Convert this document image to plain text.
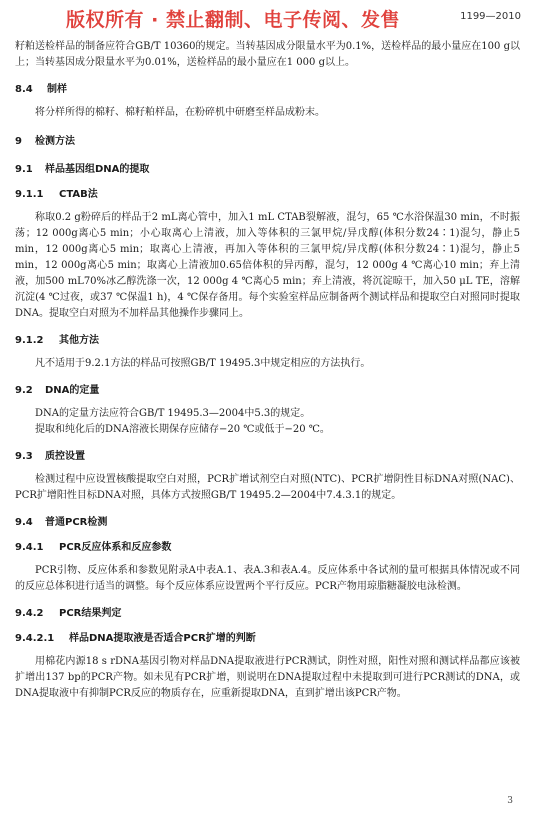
版权所有 · 禁止翻制、电子传阅、发售	1199—2010

籽粕送检样品的制备应符合GB/T 10360的规定。当转基因成分限量水平为0.1%，送检样品的最小量应在100 g以上；当转基因成分限量水平为0.01%，送检样品的最小量应在1 000 g以上。

8.4 制样

将分样所得的棉籽、棉籽粕样品，在粉碎机中研磨至样品成粉末。

9 检测方法
9.1 样品基因组DNA的提取
9.1.1 CTAB法

称取0.2 g粉碎后的样品于2 mL离心管中，加入1 mL CTAB裂解液，混匀，65 ℃水浴保温30 min，不时振荡；12 000g离心5 min；小心取离心上清液，加入等体积的三氯甲烷/异戊醇(体积分数24∶1)混匀，静止5 min，12 000g离心5 min；取离心上清液，再加入等体积的三氯甲烷/异戊醇(体积分数24∶1)混匀，静止5 min，12 000g离心5 min；取离心上清液加0.65倍体积的异丙醇，混匀，12 000g 4 ℃离心10 min；弃上清液，加500 mL70%冰乙醇洗涤一次，12 000g 4 ℃离心5 min；弃上清液，将沉淀晾干，加入50 μL TE，溶解沉淀(4 ℃过夜，或37 ℃保温1 h)，4 ℃保存备用。每个实验室样品应制备两个测试样品和提取空白对照同时提取DNA。提取空白对照为不加样品其他操作步骤同上。

9.1.2 其他方法

凡不适用于9.2.1方法的样品可按照GB/T 19495.3中规定相应的方法执行。

9.2 DNA的定量

DNA的定量方法应符合GB/T 19495.3—2004中5.3的规定。

提取和纯化后的DNA溶液长期保存应储存−20 ℃或低于−20 ℃。

9.3 质控设置

检测过程中应设置核酸提取空白对照，PCR扩增试剂空白对照(NTC)、PCR扩增阴性目标DNA对照(NAC)、PCR扩增阳性目标DNA对照，具体方式按照GB/T 19495.2—2004中7.4.3.1的规定。

9.4 普通PCR检测
9.4.1 PCR反应体系和反应参数

PCR引物、反应体系和参数见附录A中表A.1、表A.3和表A.4。反应体系中各试剂的量可根据具体情况或不同的反应总体积进行适当的调整。每个反应体系应设置两个平行反应。PCR产物用琼脂糖凝胶电泳检测。

9.4.2 PCR结果判定
9.4.2.1 样品DNA提取液是否适合PCR扩增的判断

用棉花内源18 s rDNA基因引物对样品DNA提取液进行PCR测试，阴性对照，阳性对照和测试样品都应该被扩增出137 bp的PCR产物。如未见有PCR扩增，则说明在DNA提取过程中未提取到可进行PCR测试的DNA，或DNA提取液中有抑制PCR反应的物质存在，应重新提取DNA，直到扩增出该PCR产物。

3
